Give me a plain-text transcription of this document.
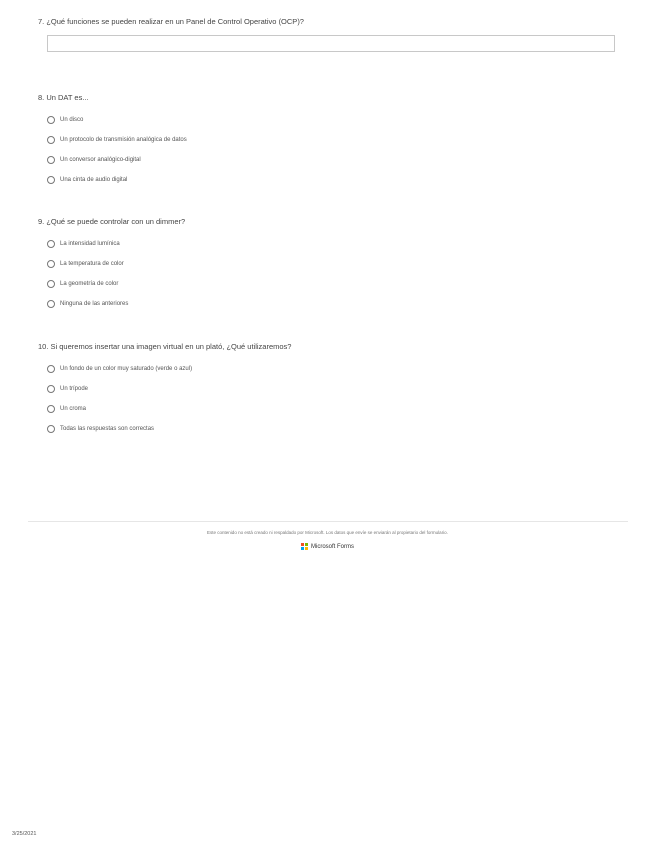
7. ¿Qué funciones se pueden realizar en un Panel de Control Operativo (OCP)?
8. Un DAT es...
Un disco
Un protocolo de transmisión analógica de datos
Un conversor analógico-digital
Una cinta de audio digital
9. ¿Qué se puede controlar con un dimmer?
La intensidad lumínica
La temperatura de color
La geometría de color
Ninguna de las anteriores
10. Si queremos insertar una imagen virtual en un plató, ¿Qué utilizaremos?
Un fondo de un color muy saturado (verde o azul)
Un trípode
Un croma
Todas las respuestas son correctas
Este contenido no está creado ni respaldado por Microsoft. Los datos que envíe se enviarán al propietario del formulario.
Microsoft Forms
3/25/2021
